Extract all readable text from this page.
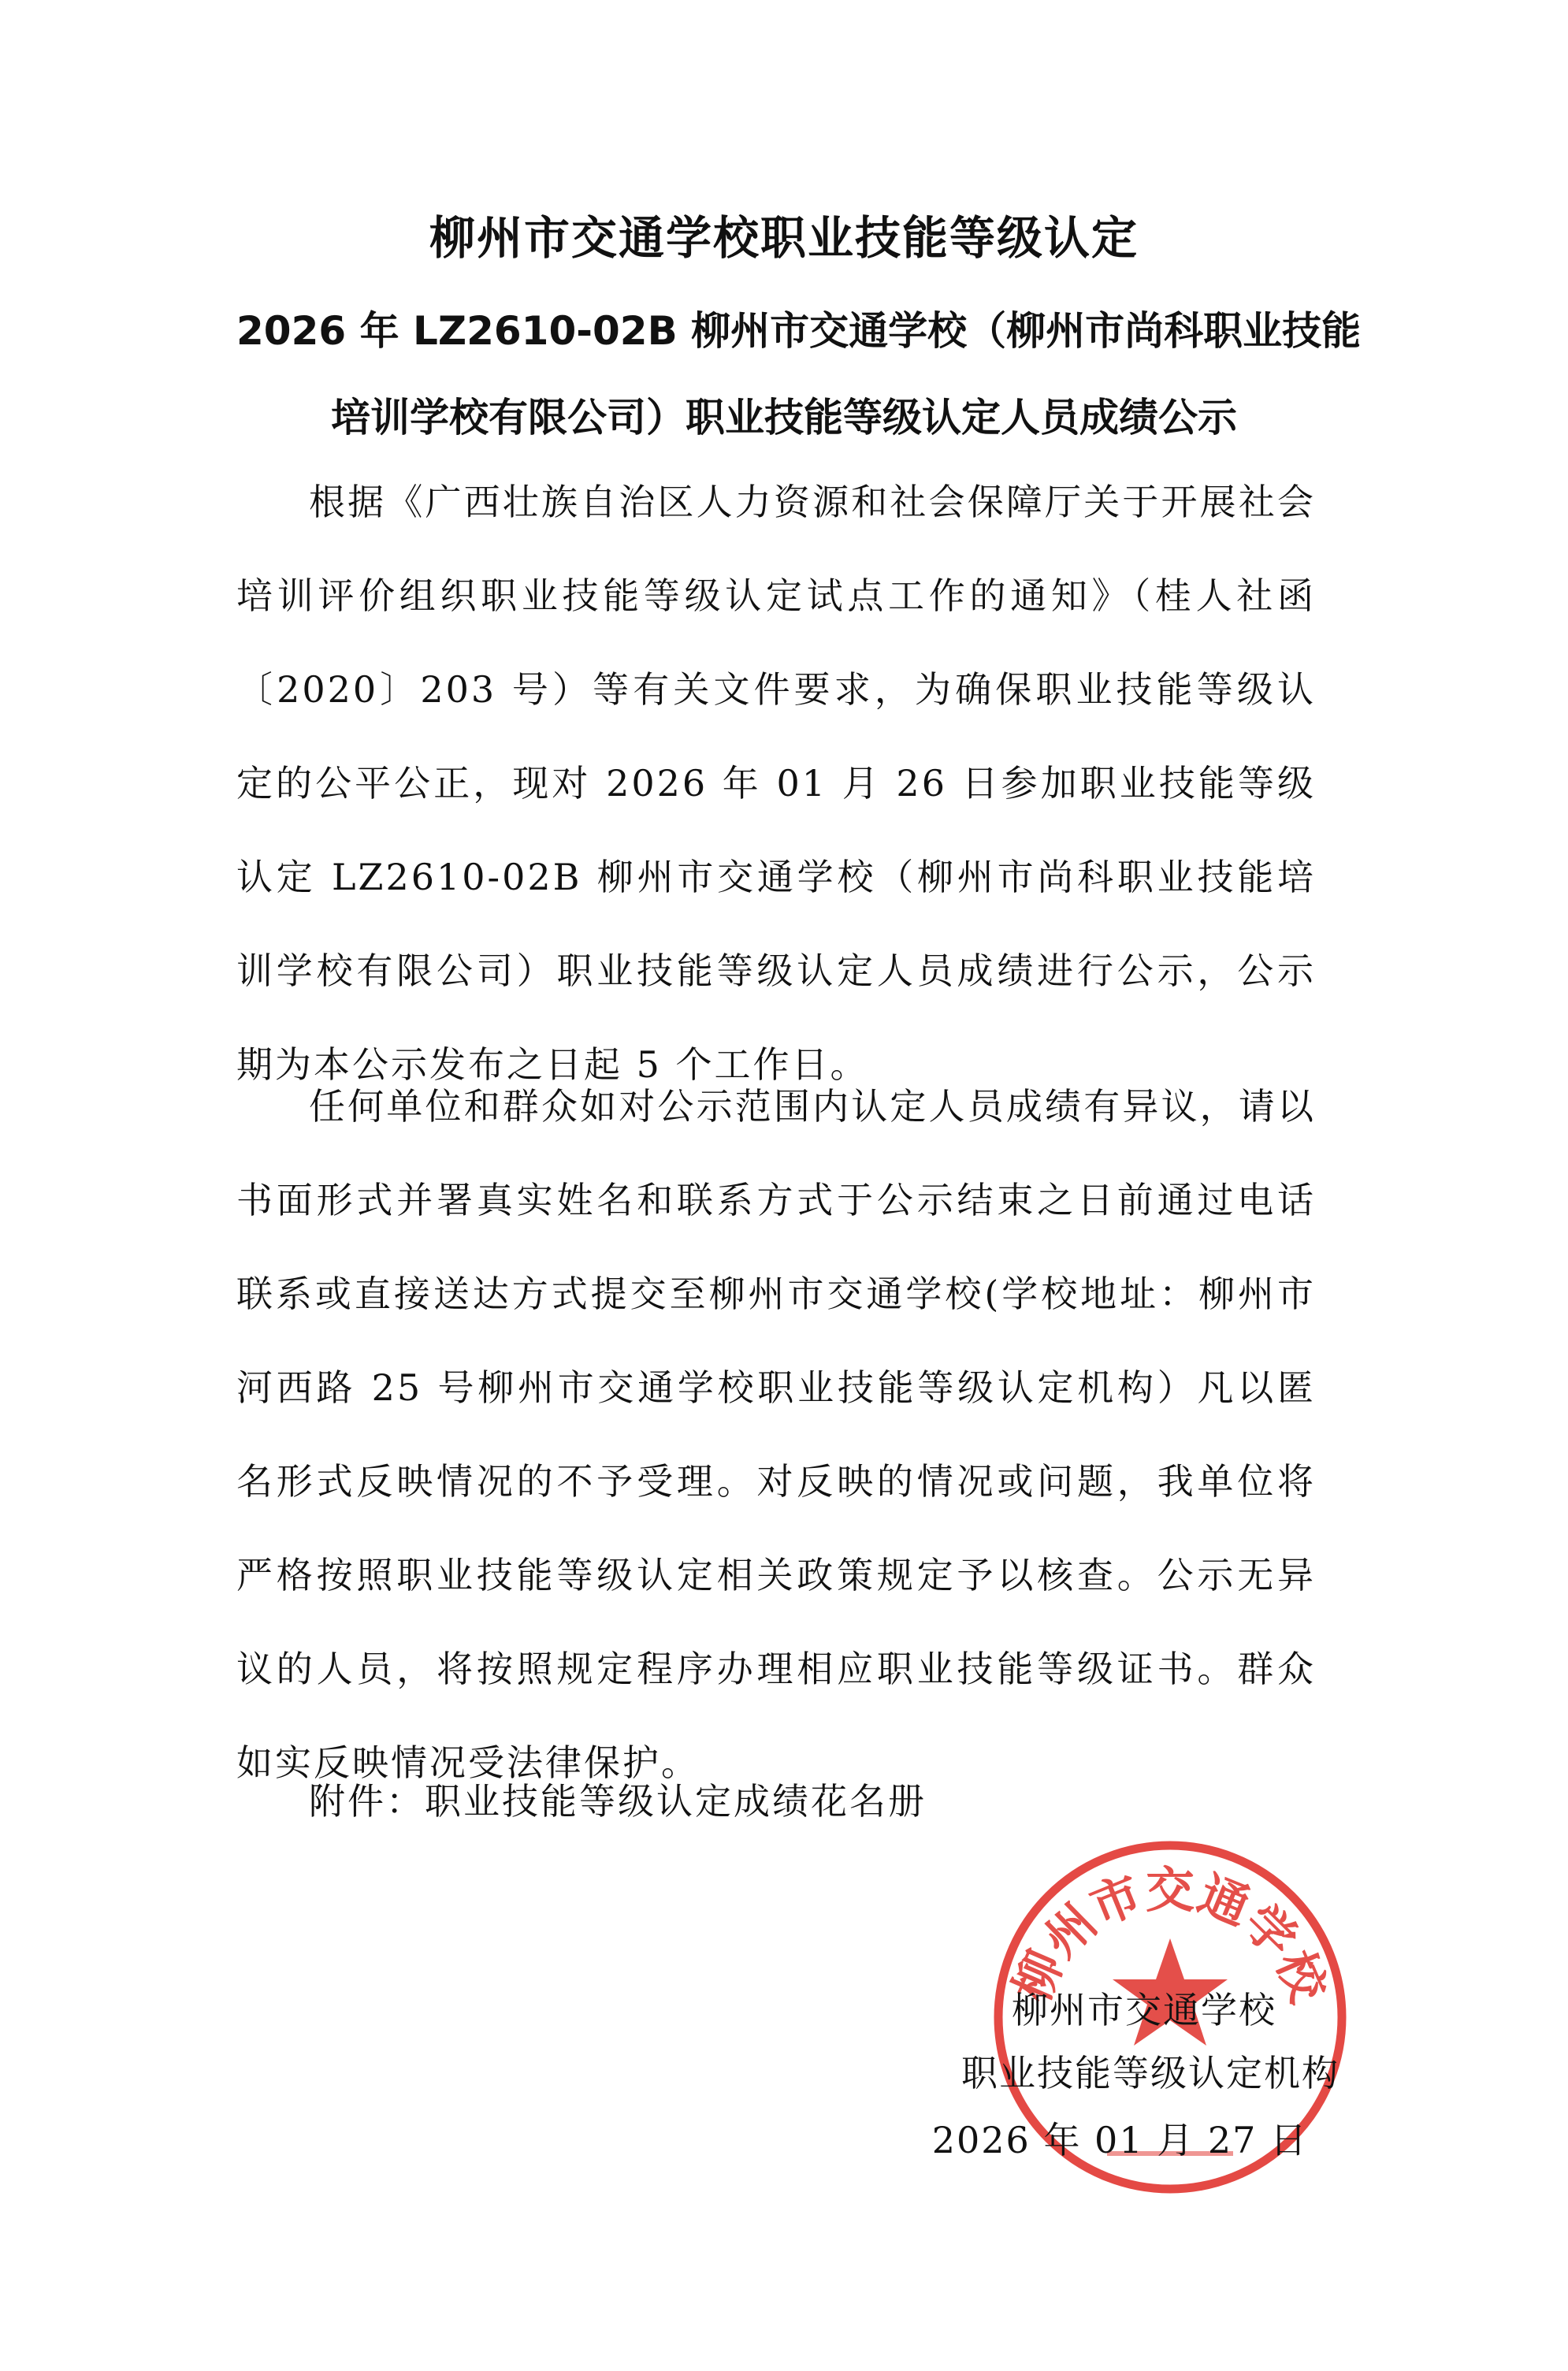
柳州市交通学校职业技能等级认定
2026 年 LZ2610-02B 柳州市交通学校（柳州市尚科职业技能
培训学校有限公司）职业技能等级认定人员成绩公示

根据《广西壮族自治区人力资源和社会保障厅关于开展社会培训评价组织职业技能等级认定试点工作的通知》（桂人社函〔2020〕203 号）等有关文件要求，为确保职业技能等级认定的公平公正，现对 2026 年 01 月 26 日参加职业技能等级认定 LZ2610-02B 柳州市交通学校（柳州市尚科职业技能培训学校有限公司）职业技能等级认定人员成绩进行公示，公示期为本公示发布之日起 5 个工作日。

任何单位和群众如对公示范围内认定人员成绩有异议，请以书面形式并署真实姓名和联系方式于公示结束之日前通过电话联系或直接送达方式提交至柳州市交通学校(学校地址：柳州市河西路 25 号柳州市交通学校职业技能等级认定机构）凡以匿名形式反映情况的不予受理。对反映的情况或问题，我单位将严格按照职业技能等级认定相关政策规定予以核查。公示无异议的人员，将按照规定程序办理相应职业技能等级证书。群众如实反映情况受法律保护。

附件：职业技能等级认定成绩花名册
柳州市交通学校
柳州市交通学校
职业技能等级认定机构
2026 年 01 月 27 日
